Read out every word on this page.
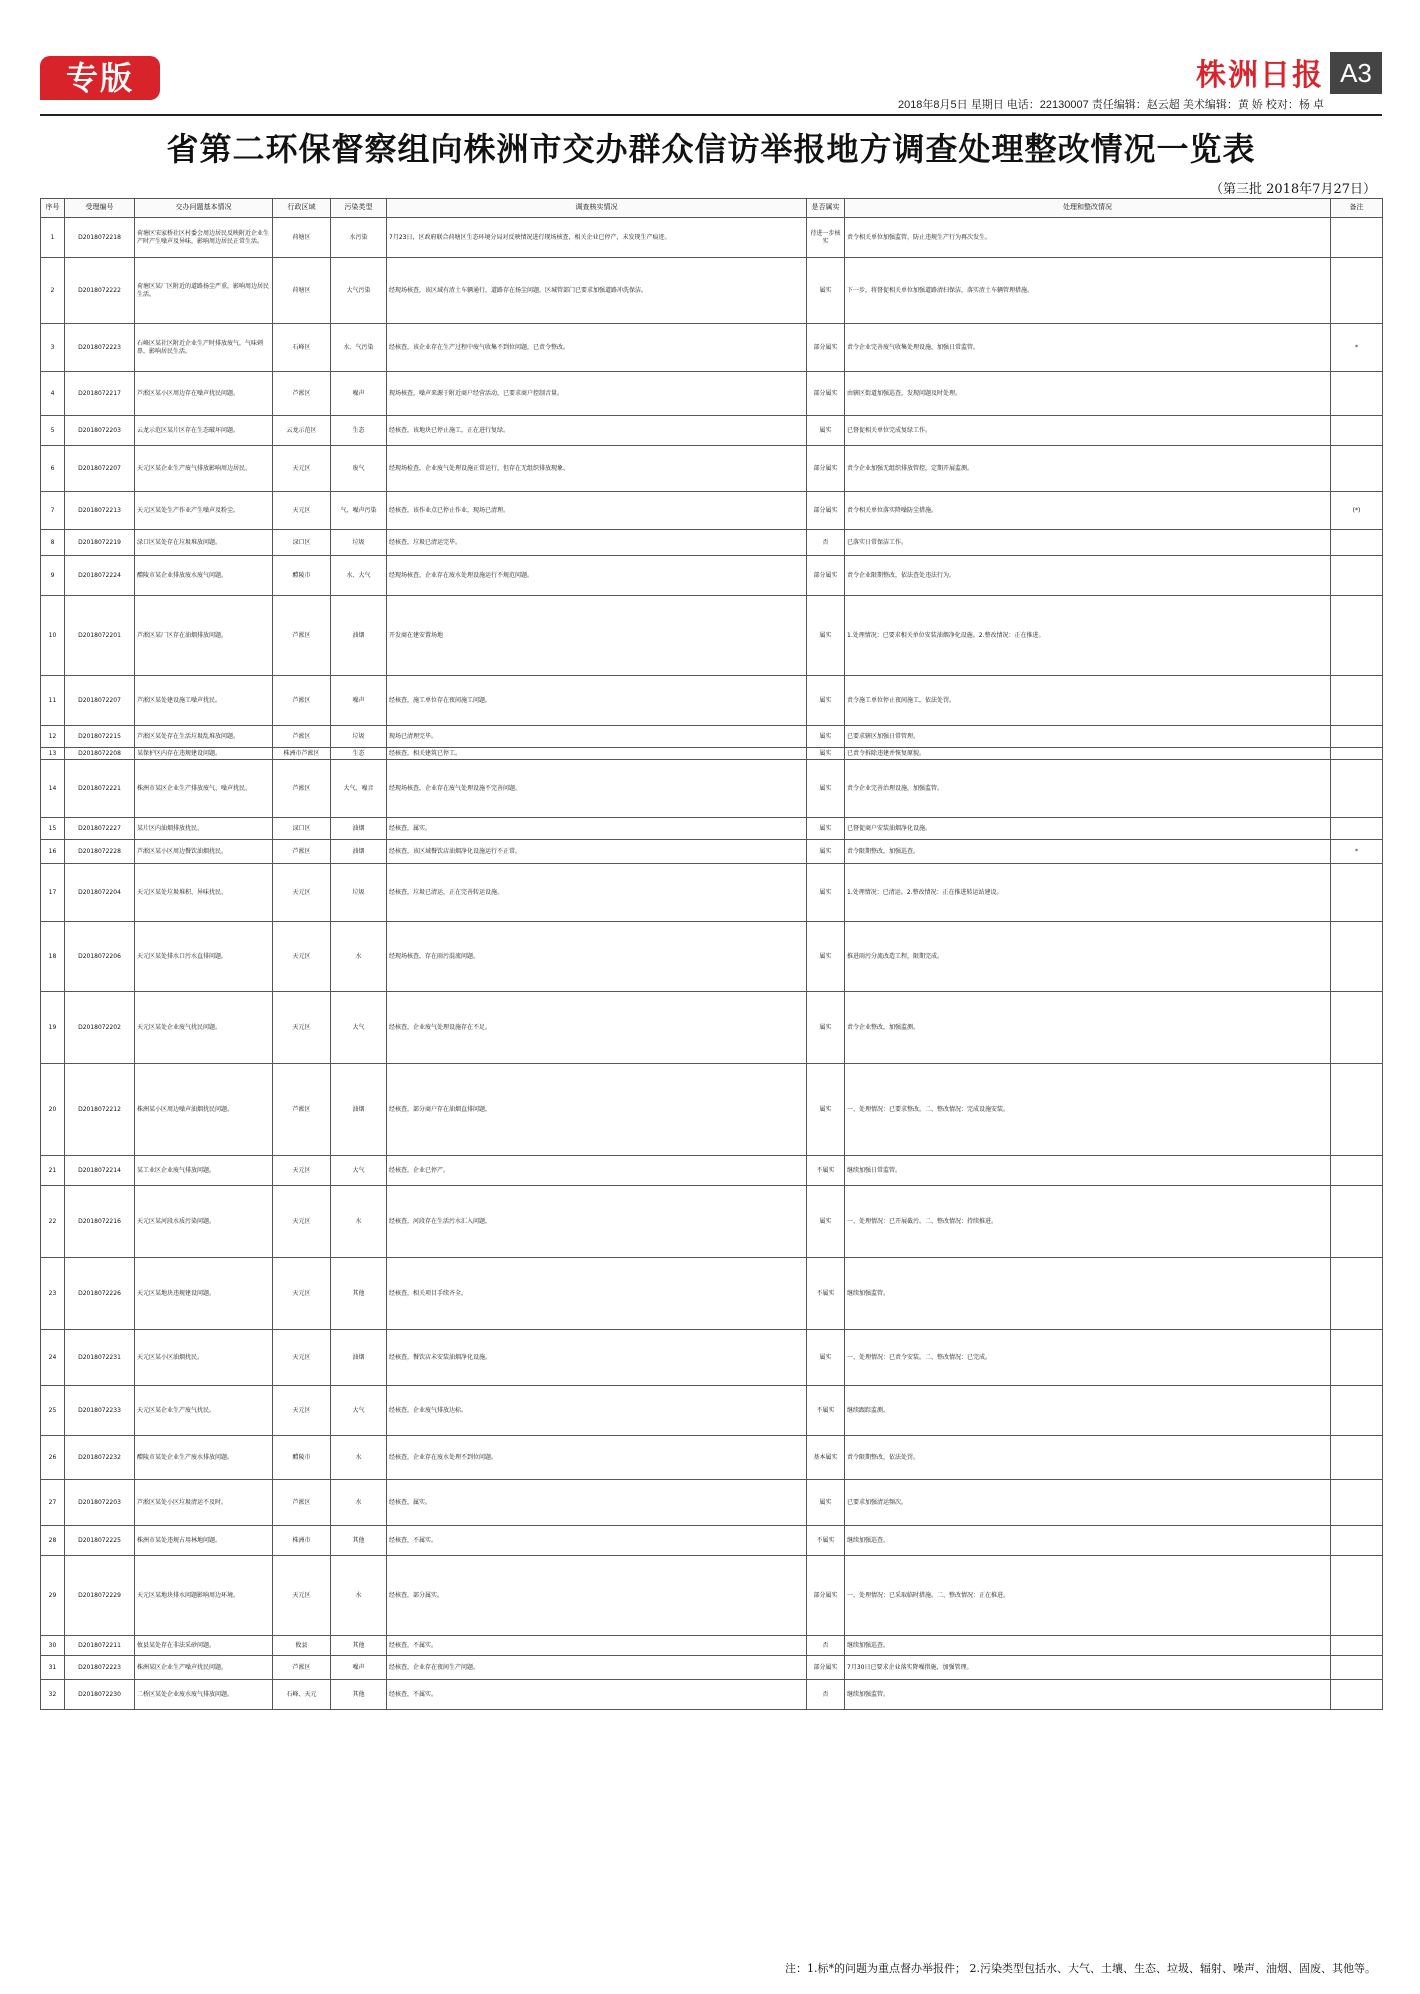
专版	株洲日报 A3
2018年8月5日 星期日 电话：22130007 责任编辑：赵云超 美术编辑：黄 娇 校对：杨 卓
省第二环保督察组向株洲市交办群众信访举报地方调查处理整改情况一览表
（第三批 2018年7月27日）
序号	受理编号	交办问题基本情况	行政区域	污染类型	调查核实情况	是否属实	处理和整改情况	备注
1	D2018072218	荷塘区宋家桥社区村委会周边居民反映附近企业生产时产生噪声及异味，影响周边居民正常生活。	荷塘区	水污染	7月23日，区政府联合荷塘区生态环境分局对反映情况进行现场核查，相关企业已停产，未发现生产痕迹。	待进一步核实	责令相关单位加强监管，防止违规生产行为再次发生。	
2	D2018072222	荷塘区某厂区附近的道路扬尘严重，影响周边居民生活。	荷塘区	大气污染	经现场核查，该区域有渣土车辆通行，道路存在扬尘问题，区城管部门已要求加强道路冲洗保洁。	属实	下一步，将督促相关单位加强道路清扫保洁，落实渣土车辆管理措施。	
3	D2018072223	石峰区某社区附近企业生产时排放废气，气味刺鼻，影响居民生活。	石峰区	水、气污染	经核查，该企业存在生产过程中废气收集不到位问题，已责令整改。	部分属实	责令企业完善废气收集处理设施，加强日常监管。	*
4	D2018072217	芦淞区某小区周边存在噪声扰民问题。	芦淞区	噪声	现场核查，噪声来源于附近商户经营活动，已要求商户控制音量。	部分属实	由辖区街道加强巡查，发现问题及时处理。	
5	D2018072203	云龙示范区某片区存在生态破坏问题。	云龙示范区	生态	经核查，该地块已停止施工，正在进行复绿。	属实	已督促相关单位完成复绿工作。	
6	D2018072207	天元区某企业生产废气排放影响周边居民。	天元区	废气	经现场检查，企业废气处理设施正常运行，但存在无组织排放现象。	部分属实	责令企业加强无组织排放管控，定期开展监测。	
7	D2018072213	天元区某处生产作业产生噪声及粉尘。	天元区	气、噪声污染	经核查，该作业点已停止作业，现场已清理。	部分属实	责令相关单位落实降噪防尘措施。	(*)
8	D2018072219	渌口区某处存在垃圾堆放问题。	渌口区	垃圾	经核查，垃圾已清运完毕。	否	已落实日常保洁工作。	
9	D2018072224	醴陵市某企业排放废水废气问题。	醴陵市	水、大气	经现场核查，企业存在废水处理设施运行不规范问题。	部分属实	责令企业限期整改，依法查处违法行为。	
10	D2018072201	芦淞区某厂区存在油烟排放问题。	芦淞区	油烟	开发商在建安置场地	属实	1.处理情况：已要求相关单位安装油烟净化设施。2.整改情况：正在推进。	
11	D2018072207	芦淞区某处建设施工噪声扰民。	芦淞区	噪声	经核查，施工单位存在夜间施工问题。	属实	责令施工单位停止夜间施工，依法处罚。	
12	D2018072215	芦淞区某处存在生活垃圾乱堆放问题。	芦淞区	垃圾	现场已清理完毕。	属实	已要求辖区加强日常管理。	
13	D2018072208	某保护区内存在违规建设问题。	株洲市芦淞区	生态	经核查，相关建筑已停工。	属实	已责令拆除违建并恢复原貌。	
14	D2018072221	株洲市某区企业生产排放废气、噪声扰民。	芦淞区	大气、噪音	经现场核查，企业存在废气处理设施不完善问题。	属实	责令企业完善治理设施，加强监管。	
15	D2018072227	某片区内油烟排放扰民。	渌口区	油烟	经核查，属实。	属实	已督促商户安装油烟净化设施。	
16	D2018072228	芦淞区某小区周边餐饮油烟扰民。	芦淞区	油烟	经核查，该区域餐饮店油烟净化设施运行不正常。	属实	责令限期整改，加强巡查。	*
17	D2018072204	天元区某处垃圾堆积、异味扰民。	天元区	垃圾	经核查，垃圾已清运，正在完善转运设施。	属实	1.处理情况：已清运。2.整改情况：正在推进转运站建设。	
18	D2018072206	天元区某处排水口污水直排问题。	天元区	水	经现场核查，存在雨污混流问题。	属实	推进雨污分流改造工程，限期完成。	
19	D2018072202	天元区某处企业废气扰民问题。	天元区	大气	经核查，企业废气处理设施存在不足。	属实	责令企业整改，加强监测。	
20	D2018072212	株洲某小区周边噪声油烟扰民问题。	芦淞区	油烟	经核查，部分商户存在油烟直排问题。	属实	一、处理情况：已要求整改。二、整改情况：完成设施安装。	
21	D2018072214	某工业区企业废气排放问题。	天元区	大气	经核查，企业已停产。	不属实	继续加强日常监管。	
22	D2018072216	天元区某河段水质污染问题。	天元区	水	经核查，河段存在生活污水汇入问题。	属实	一、处理情况：已开展截污。二、整改情况：持续推进。	
23	D2018072226	天元区某地块违规建设问题。	天元区	其他	经核查，相关项目手续齐全。	不属实	继续加强监管。	
24	D2018072231	天元区某小区油烟扰民。	天元区	油烟	经核查，餐饮店未安装油烟净化设施。	属实	一、处理情况：已责令安装。二、整改情况：已完成。	
25	D2018072233	天元区某企业生产废气扰民。	天元区	大气	经核查，企业废气排放达标。	不属实	继续跟踪监测。	
26	D2018072232	醴陵市某处企业生产废水排放问题。	醴陵市	水	经核查，企业存在废水处理不到位问题。	基本属实	责令限期整改，依法处罚。	
27	D2018072203	芦淞区某处小区垃圾清运不及时。	芦淞区	水	经核查，属实。	属实	已要求加强清运频次。	
28	D2018072225	株洲市某处违规占用林地问题。	株洲市	其他	经核查，不属实。	不属实	继续加强巡查。	
29	D2018072229	天元区某地块排水问题影响周边环境。	天元区	水	经核查，部分属实。	部分属实	一、处理情况：已采取临时措施。二、整改情况：正在推进。	
30	D2018072211	攸县某处存在非法采砂问题。	攸县	其他	经核查，不属实。	否	继续加强巡查。	
31	D2018072223	株洲某区企业生产噪声扰民问题。	芦淞区	噪声	经核查，企业存在夜间生产问题。	部分属实	7月30日已要求企业落实降噪措施，加强管理。	
32	D2018072230	二桥区某处企业废水废气排放问题。	石峰、天元	其他	经核查，不属实。	否	继续加强监管。	
注：1.标*的问题为重点督办举报件； 2.污染类型包括水、大气、土壤、生态、垃圾、辐射、噪声、油烟、固废、其他等。
